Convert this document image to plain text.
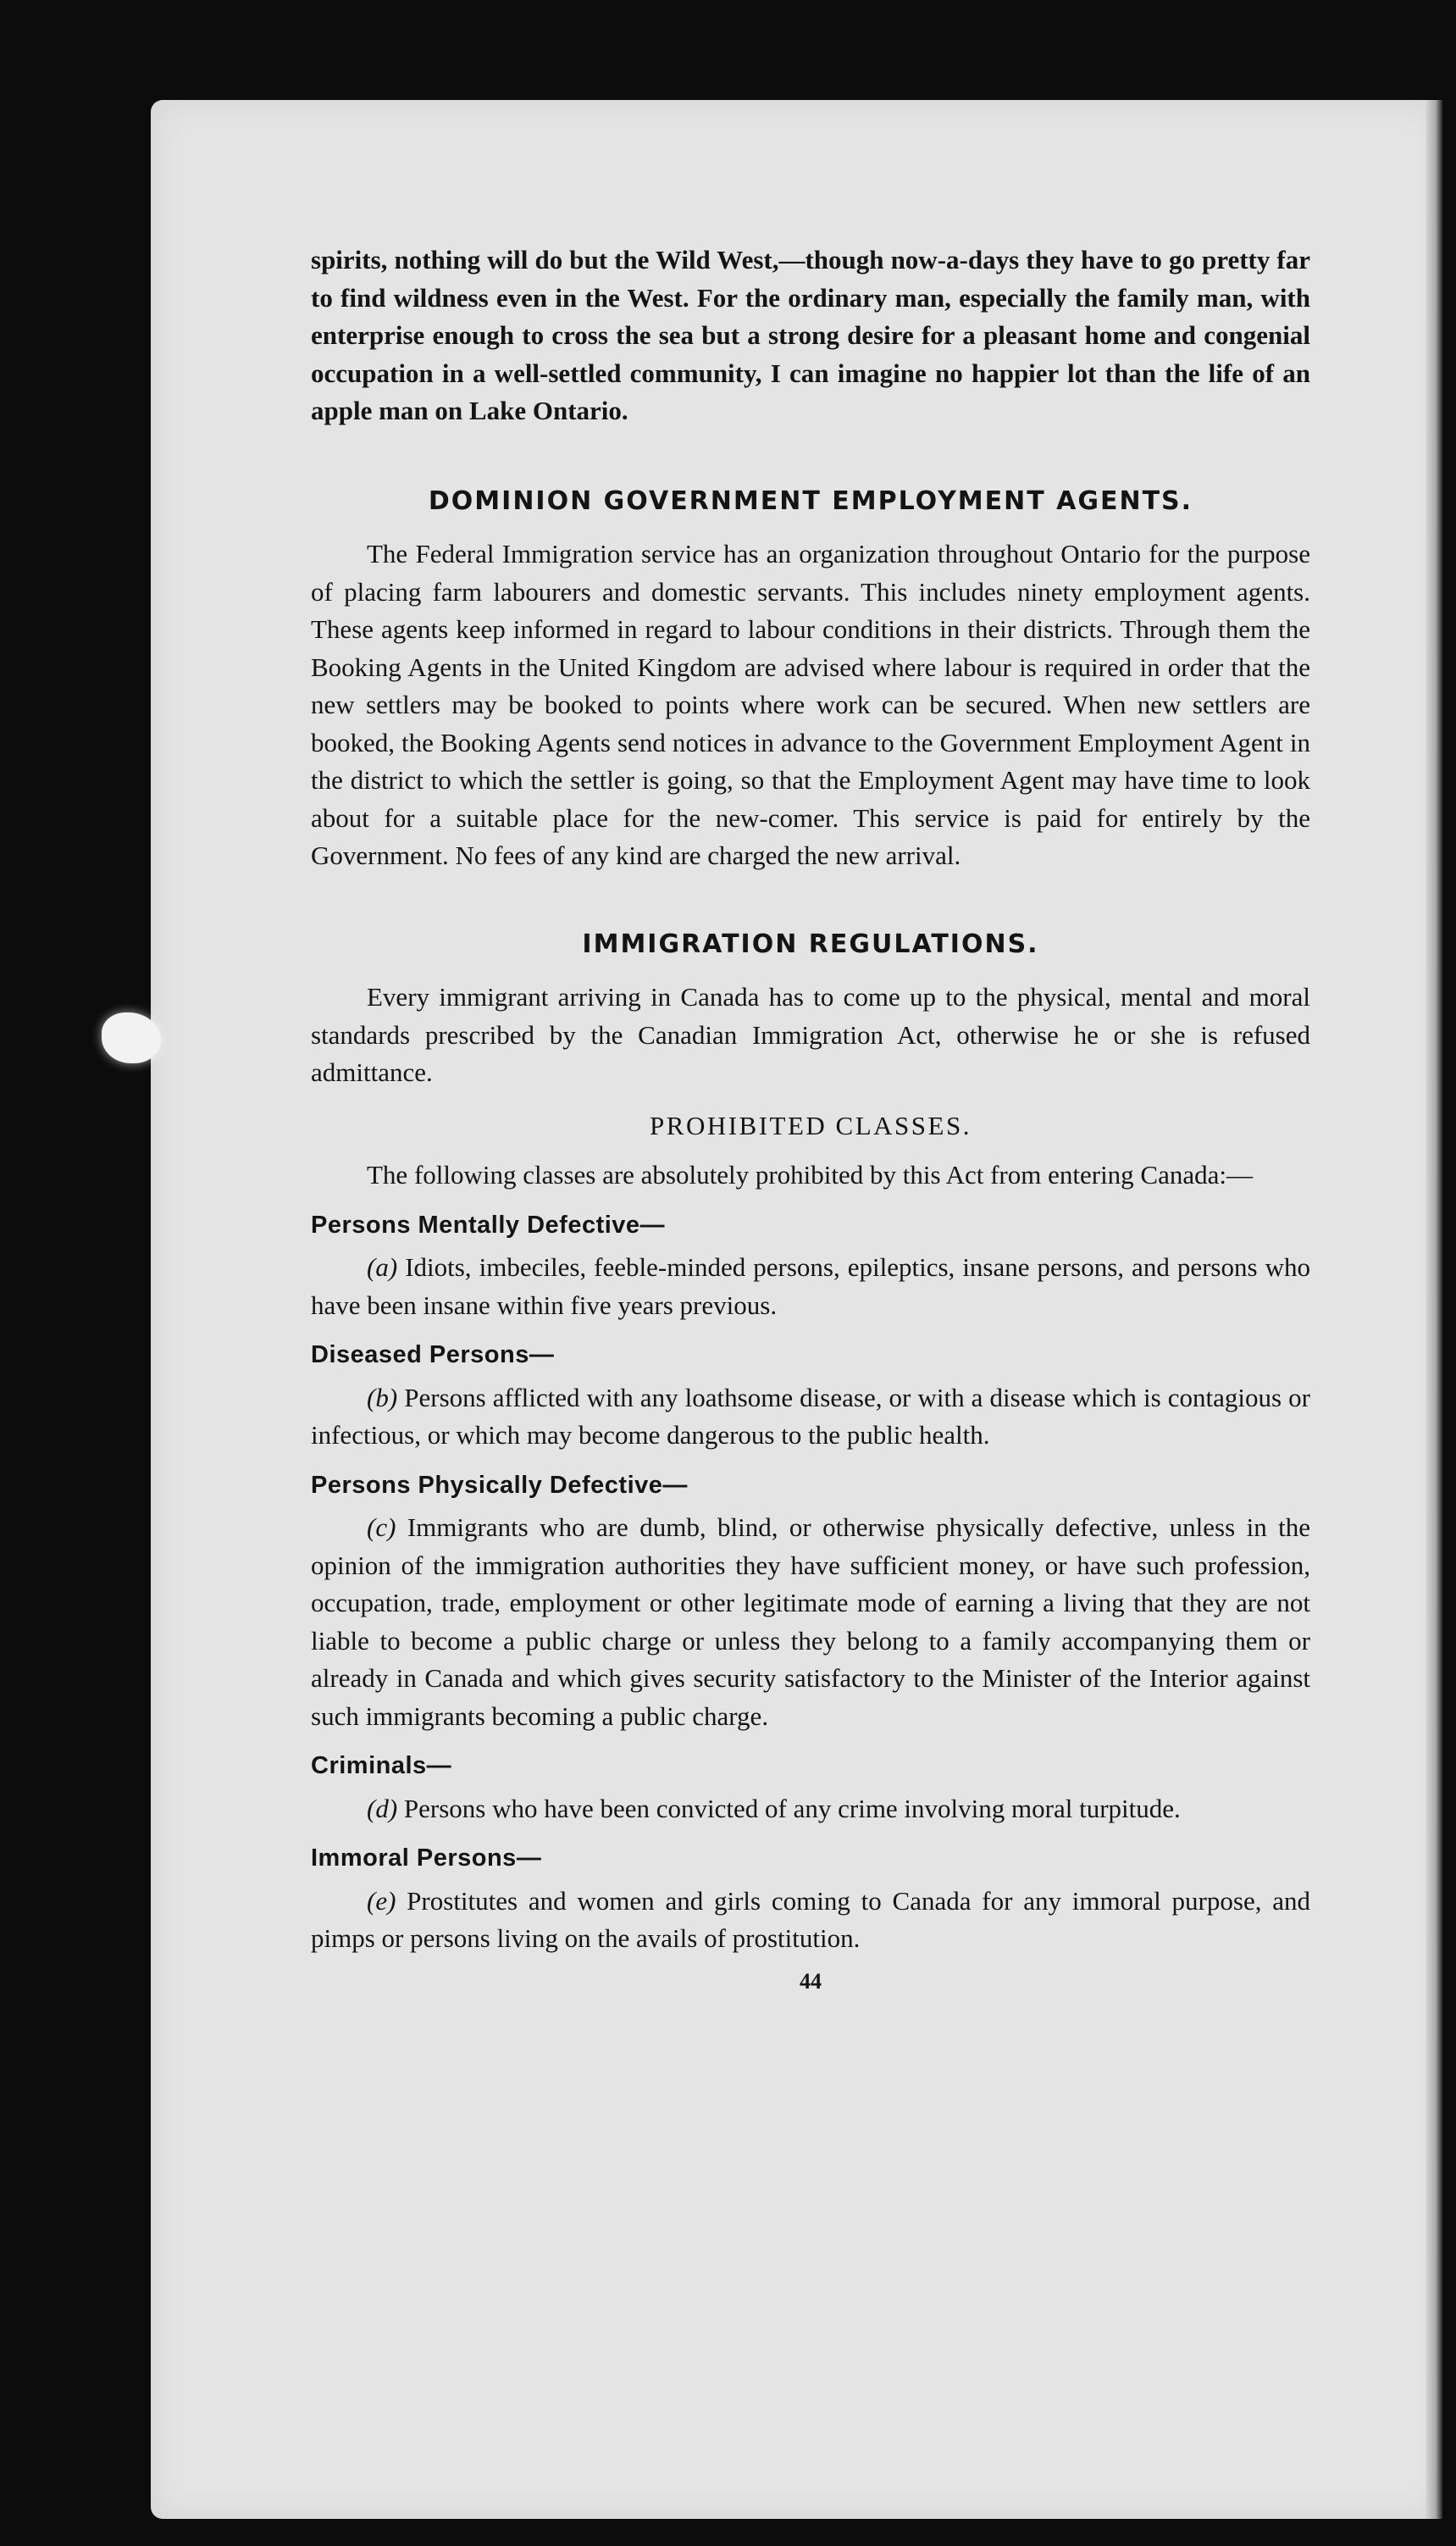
spirits, nothing will do but the Wild West,—though now-a-days they have to go pretty far to find wildness even in the West. For the ordinary man, especially the family man, with enterprise enough to cross the sea but a strong desire for a pleasant home and congenial occupation in a well-settled community, I can imagine no happier lot than the life of an apple man on Lake Ontario.

DOMINION GOVERNMENT EMPLOYMENT AGENTS.

The Federal Immigration service has an organization throughout Ontario for the purpose of placing farm labourers and domestic servants. This includes ninety employment agents. These agents keep informed in regard to labour conditions in their districts. Through them the Booking Agents in the United Kingdom are advised where labour is required in order that the new settlers may be booked to points where work can be secured. When new settlers are booked, the Booking Agents send notices in advance to the Government Employment Agent in the district to which the settler is going, so that the Employment Agent may have time to look about for a suitable place for the new-comer. This service is paid for entirely by the Government. No fees of any kind are charged the new arrival.

IMMIGRATION REGULATIONS.

Every immigrant arriving in Canada has to come up to the physical, mental and moral standards prescribed by the Canadian Immigration Act, otherwise he or she is refused admittance.

PROHIBITED CLASSES.

The following classes are absolutely prohibited by this Act from entering Canada:—

Persons Mentally Defective—

(a) Idiots, imbeciles, feeble-minded persons, epileptics, insane persons, and persons who have been insane within five years previous.

Diseased Persons—

(b) Persons afflicted with any loathsome disease, or with a disease which is contagious or infectious, or which may become dangerous to the public health.

Persons Physically Defective—

(c) Immigrants who are dumb, blind, or otherwise physically defective, unless in the opinion of the immigration authorities they have sufficient money, or have such profession, occupation, trade, employment or other legitimate mode of earning a living that they are not liable to become a public charge or unless they belong to a family accompanying them or already in Canada and which gives security satisfactory to the Minister of the Interior against such immigrants becoming a public charge.

Criminals—

(d) Persons who have been convicted of any crime involving moral turpitude.

Immoral Persons—

(e) Prostitutes and women and girls coming to Canada for any immoral purpose, and pimps or persons living on the avails of prostitution.

44
